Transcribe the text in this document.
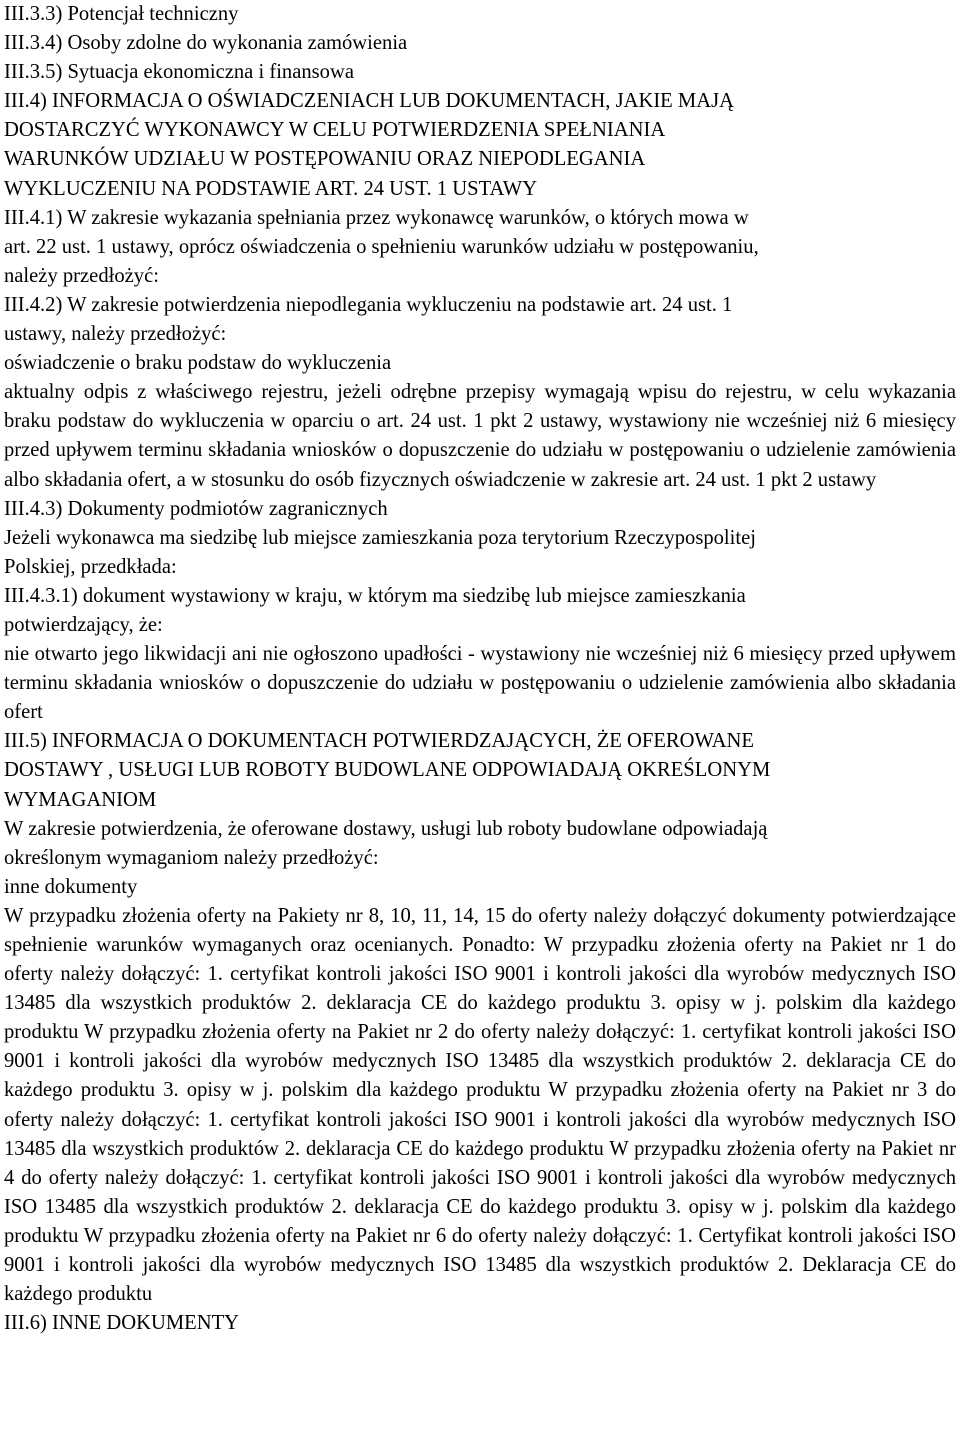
III.3.3) Potencjał techniczny
III.3.4) Osoby zdolne do wykonania zamówienia
III.3.5) Sytuacja ekonomiczna i finansowa
III.4) INFORMACJA O OŚWIADCZENIACH LUB DOKUMENTACH, JAKIE MAJĄ
DOSTARCZYĆ WYKONAWCY W CELU POTWIERDZENIA SPEŁNIANIA
WARUNKÓW UDZIAŁU W POSTĘPOWANIU ORAZ NIEPODLEGANIA
WYKLUCZENIU NA PODSTAWIE ART. 24 UST. 1 USTAWY
III.4.1) W zakresie wykazania spełniania przez wykonawcę warunków, o których mowa w
art. 22 ust. 1 ustawy, oprócz oświadczenia o spełnieniu warunków udziału w postępowaniu,
należy przedłożyć:
III.4.2) W zakresie potwierdzenia niepodlegania wykluczeniu na podstawie art. 24 ust. 1
ustawy, należy przedłożyć:
oświadczenie o braku podstaw do wykluczenia
aktualny odpis z właściwego rejestru, jeżeli odrębne przepisy wymagają wpisu do rejestru, w celu wykazania braku podstaw do wykluczenia w oparciu o art. 24 ust. 1 pkt 2 ustawy, wystawiony nie wcześniej niż 6 miesięcy przed upływem terminu składania wniosków o dopuszczenie do udziału w postępowaniu o udzielenie zamówienia albo składania ofert, a w stosunku do osób fizycznych oświadczenie w zakresie art. 24 ust. 1 pkt 2 ustawy
III.4.3) Dokumenty podmiotów zagranicznych
Jeżeli wykonawca ma siedzibę lub miejsce zamieszkania poza terytorium Rzeczypospolitej
Polskiej, przedkłada:
III.4.3.1) dokument wystawiony w kraju, w którym ma siedzibę lub miejsce zamieszkania
potwierdzający, że:
nie otwarto jego likwidacji ani nie ogłoszono upadłości - wystawiony nie wcześniej niż 6 miesięcy przed upływem terminu składania wniosków o dopuszczenie do udziału w postępowaniu o udzielenie zamówienia albo składania ofert
III.5) INFORMACJA O DOKUMENTACH POTWIERDZAJĄCYCH, ŻE OFEROWANE
DOSTAWY , USŁUGI LUB ROBOTY BUDOWLANE ODPOWIADAJĄ OKREŚLONYM
WYMAGANIOM
W zakresie potwierdzenia, że oferowane dostawy, usługi lub roboty budowlane odpowiadają
określonym wymaganiom należy przedłożyć:
inne dokumenty
W przypadku złożenia oferty na Pakiety nr 8, 10, 11, 14, 15 do oferty należy dołączyć dokumenty potwierdzające spełnienie warunków wymaganych oraz ocenianych. Ponadto: W przypadku złożenia oferty na Pakiet nr 1 do oferty należy dołączyć: 1. certyfikat kontroli jakości ISO 9001 i kontroli jakości dla wyrobów medycznych ISO 13485 dla wszystkich produktów 2. deklaracja CE do każdego produktu 3. opisy w j. polskim dla każdego produktu W przypadku złożenia oferty na Pakiet nr 2 do oferty należy dołączyć: 1. certyfikat kontroli jakości ISO 9001 i kontroli jakości dla wyrobów medycznych ISO 13485 dla wszystkich produktów 2. deklaracja CE do każdego produktu 3. opisy w j. polskim dla każdego produktu W przypadku złożenia oferty na Pakiet nr 3 do oferty należy dołączyć: 1. certyfikat kontroli jakości ISO 9001 i kontroli jakości dla wyrobów medycznych ISO 13485 dla wszystkich produktów 2. deklaracja CE do każdego produktu W przypadku złożenia oferty na Pakiet nr 4 do oferty należy dołączyć: 1. certyfikat kontroli jakości ISO 9001 i kontroli jakości dla wyrobów medycznych ISO 13485 dla wszystkich produktów 2. deklaracja CE do każdego produktu 3. opisy w j. polskim dla każdego produktu W przypadku złożenia oferty na Pakiet nr 6 do oferty należy dołączyć: 1. Certyfikat kontroli jakości ISO 9001 i kontroli jakości dla wyrobów medycznych ISO 13485 dla wszystkich produktów 2. Deklaracja CE do każdego produktu
III.6) INNE DOKUMENTY
